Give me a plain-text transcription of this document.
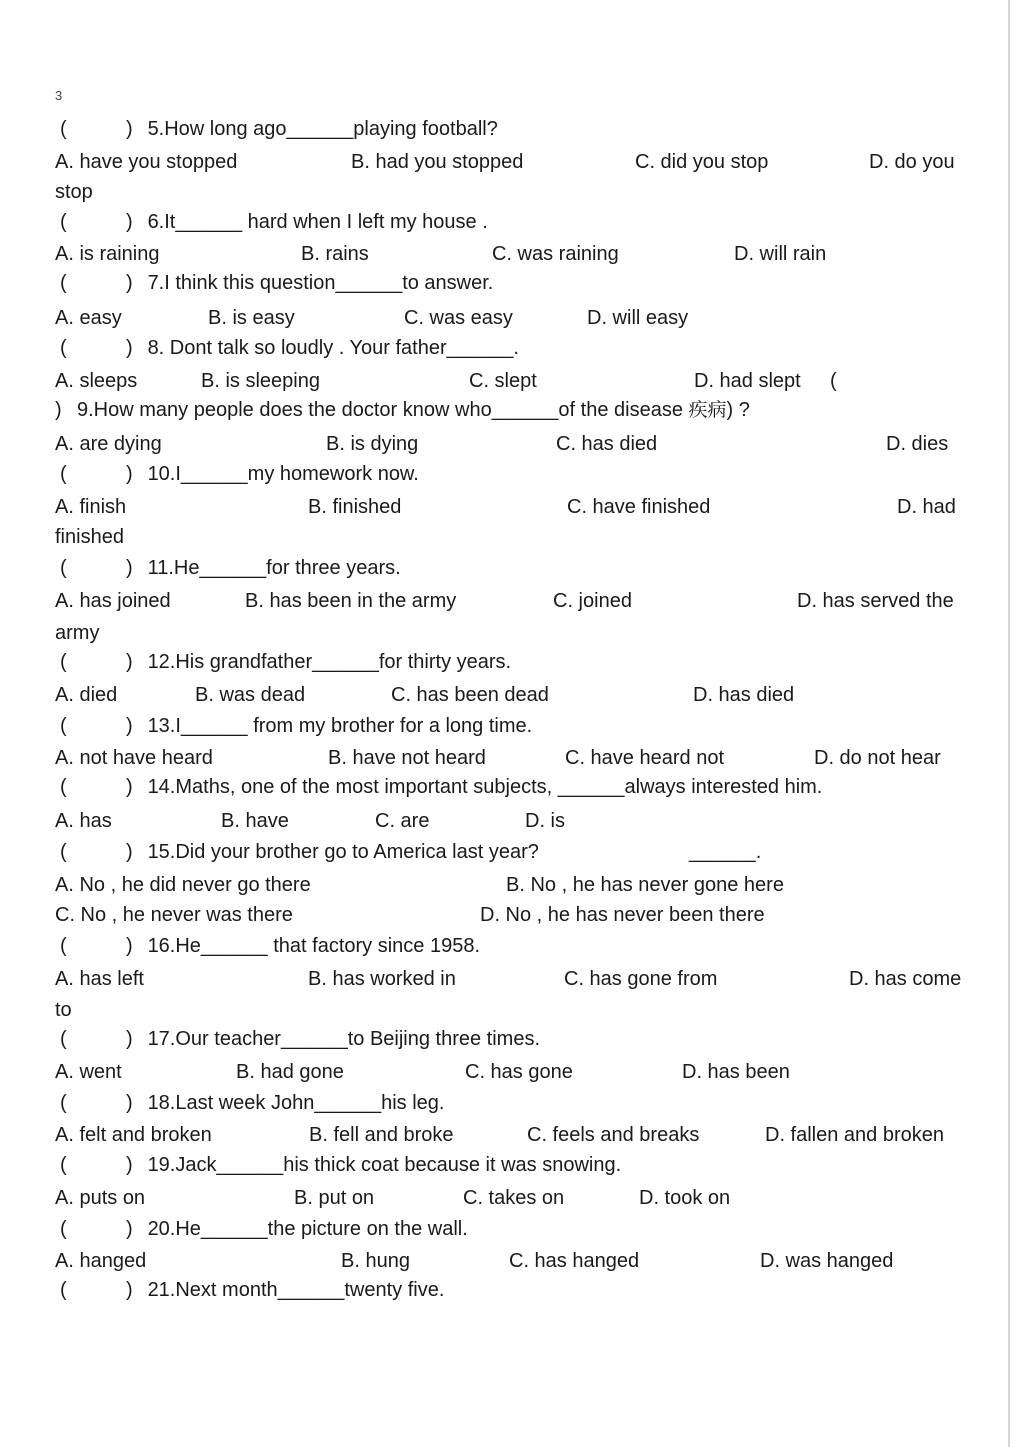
3
(	) 5.How long ago______playing football?
A. have you stopped	B. had you stopped	C. did you stop	D. do you
stop
(	) 6.It______ hard when I left my house .
A. is raining	B. rains	C. was raining	D. will rain
(	) 7.I think this question______to answer.
A. easy	B. is easy	C. was easy	D. will easy
(	) 8. Dont talk so loudly . Your father______.
A. sleeps	B. is sleeping	C. slept	D. had slept (
) 9.How many people does the doctor know who______of the disease 疾病) ?
A. are dying	B. is dying	C. has died	D. dies
(	) 10.I______my homework now.
A. finish	B. finished	C. have finished	D. had
finished
(	) 11.He______for three years.
A. has joined	B. has been in the army	C. joined	D. has served the
army
(	) 12.His grandfather______for thirty years.
A. died	B. was dead	C. has been dead	D. has died
(	) 13.I______ from my brother for a long time.
A. not have heard	B. have not heard	C. have heard not	D. do not hear
(	) 14.Maths, one of the most important subjects, ______always interested him.
A. has	B. have	C. are	D. is
(	) 15.Did your brother go to America last year?	______.
A. No , he did never go there	B. No , he has never gone here
C. No , he never was there	D. No , he has never been there
(	) 16.He______ that factory since 1958.
A. has left	B. has worked in	C. has gone from	D. has come
to
(	) 17.Our teacher______to Beijing three times.
A. went	B. had gone	C. has gone	D. has been
(	) 18.Last week John______his leg.
A. felt and broken	B. fell and broke	C. feels and breaks	D. fallen and broken
(	) 19.Jack______his thick coat because it was snowing.
A. puts on	B. put on	C. takes on	D. took on
(	) 20.He______the picture on the wall.
A. hanged	B. hung	C. has hanged	D. was hanged
(	) 21.Next month______twenty five.
